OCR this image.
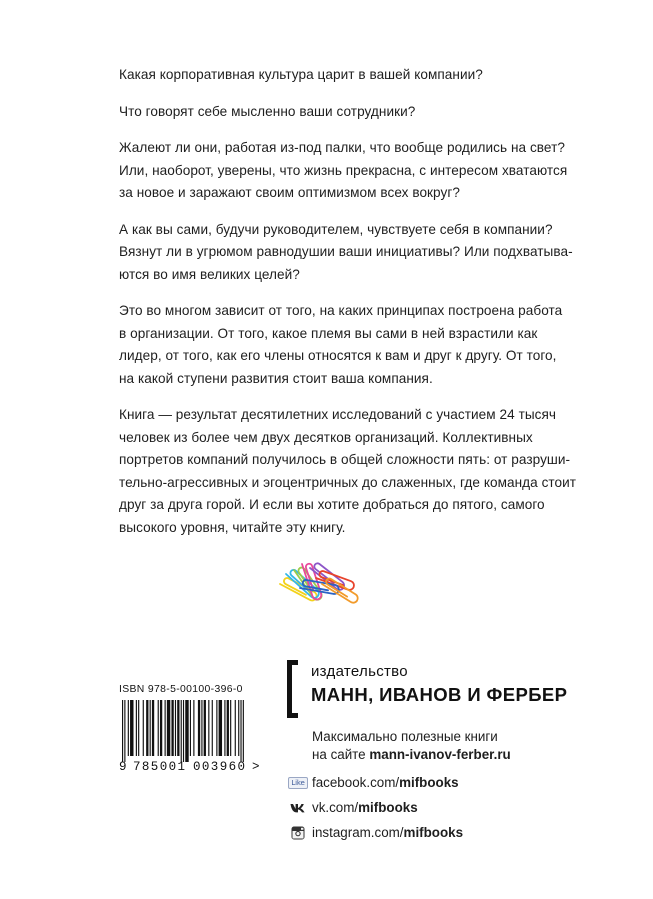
Какая корпоративная культура царит в вашей компании?

Что говорят себе мысленно ваши сотрудники?

Жалеют ли они, работая из-под палки, что вообще родились на свет?
Или, наоборот, уверены, что жизнь прекрасна, с интересом хватаются
за новое и заражают своим оптимизмом всех вокруг?

А как вы сами, будучи руководителем, чувствуете себя в компании?
Вязнут ли в угрюмом равнодушии ваши инициативы? Или подхватыва-
ются во имя великих целей?

Это во многом зависит от того, на каких принципах построена работа
в организации. От того, какое племя вы сами в ней взрастили как
лидер, от того, как его члены относятся к вам и друг к другу. От того,
на какой ступени развития стоит ваша компания.

Книга — результат десятилетних исследований с участием 24 тысяч
человек из более чем двух десятков организаций. Коллективных
портретов компаний получилось в общей сложности пять: от разруши-
тельно-агрессивных и эгоцентричных до слаженных, где команда стоит
друг за друга горой. И если вы хотите добраться до пятого, самого
высокого уровня, читайте эту книгу.

ISBN 978-5-00100-396-0
9 785001 003960 >
издательство
МАНН, ИВАНОВ И ФЕРБЕР
Максимально полезные книги
на сайте mann-ivanov-ferber.ru
Like facebook.com/mifbooks
vk.com/mifbooks
instagram.com/mifbooks
